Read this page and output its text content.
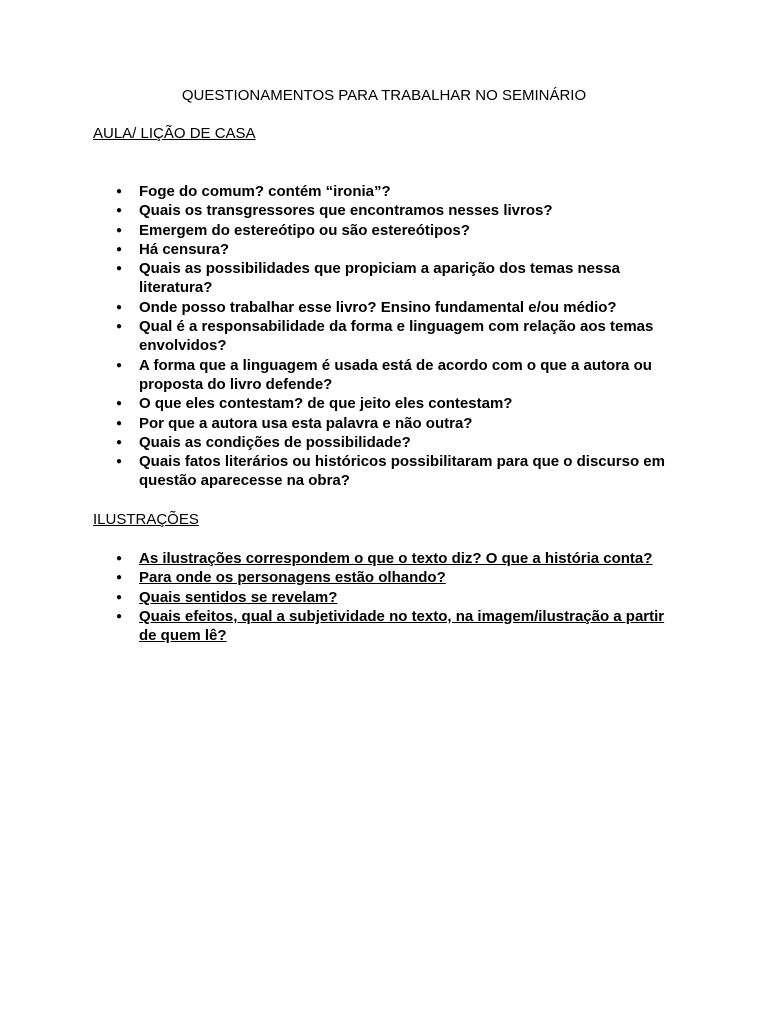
QUESTIONAMENTOS PARA TRABALHAR NO SEMINÁRIO
AULA/ LIÇÃO DE CASA
● Foge do comum? contém “ironia”?
● Quais os transgressores que encontramos nesses livros?
● Emergem do estereótipo ou são estereótipos?
● Há censura?
● Quais as possibilidades que propiciam a aparição dos temas nessa literatura?
● Onde posso trabalhar esse livro? Ensino fundamental e/ou médio?
● Qual é a responsabilidade da forma e linguagem com relação aos temas envolvidos?
● A forma que a linguagem é usada está de acordo com o que a autora ou proposta do livro defende?
● O que eles contestam? de que jeito eles contestam?
● Por que a autora usa esta palavra e não outra?
● Quais as condições de possibilidade?
● Quais fatos literários ou históricos possibilitaram para que o discurso em questão aparecesse na obra?
ILUSTRAÇÕES
● As ilustrações correspondem o que o texto diz? O que a história conta?
● Para onde os personagens estão olhando?
● Quais sentidos se revelam?
● Quais efeitos, qual a subjetividade no texto, na imagem/ilustração a partir de quem lê?
